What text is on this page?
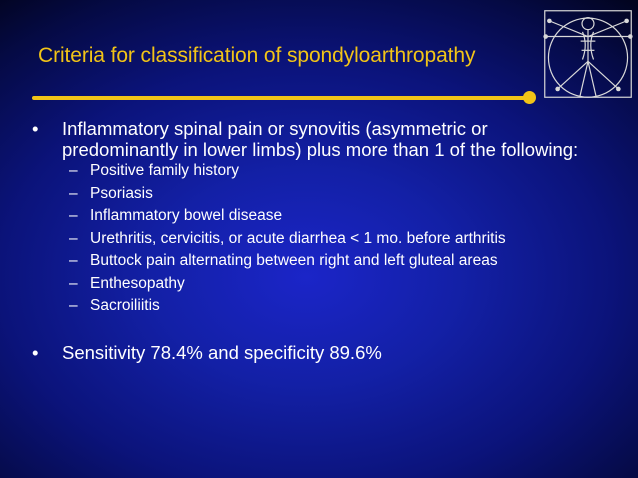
Criteria for classification of spondyloarthropathy
• Inflammatory spinal pain or synovitis (asymmetric or predominantly in lower limbs) plus more than 1 of the following:
– Positive family history
– Psoriasis
– Inflammatory bowel disease
– Urethritis, cervicitis, or acute diarrhea < 1 mo. before arthritis
– Buttock pain alternating between right and left gluteal areas
– Enthesopathy
– Sacroiliitis
• Sensitivity 78.4% and specificity 89.6%
